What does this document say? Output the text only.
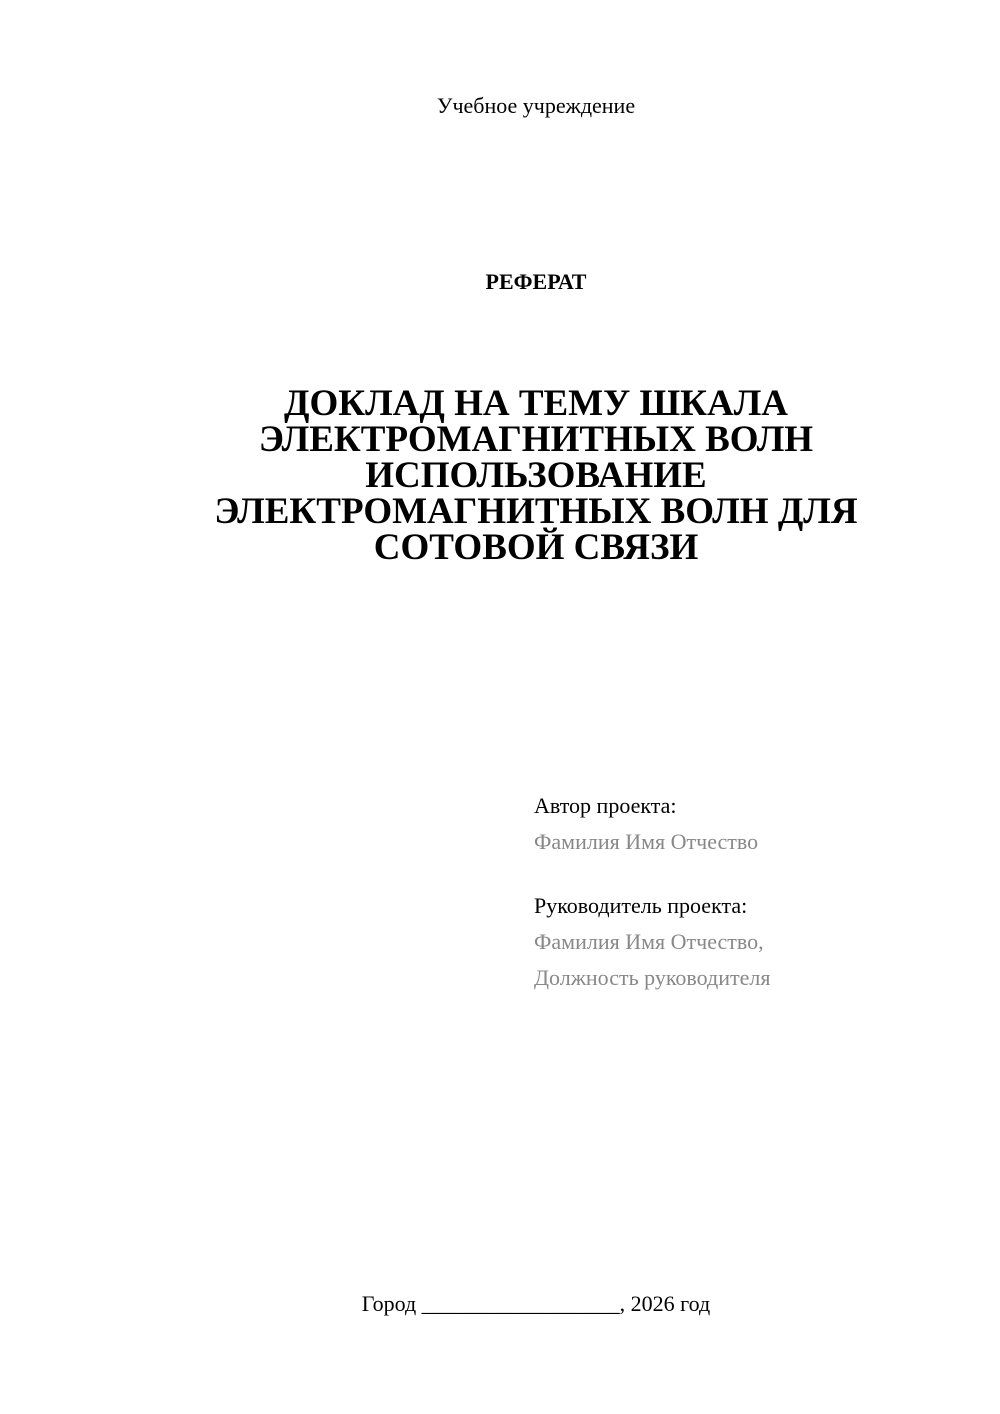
Учебное учреждение
РЕФЕРАТ
ДОКЛАД НА ТЕМУ ШКАЛА
ЭЛЕКТРОМАГНИТНЫХ ВОЛН
ИСПОЛЬЗОВАНИЕ
ЭЛЕКТРОМАГНИТНЫХ ВОЛН ДЛЯ
СОТОВОЙ СВЯЗИ
Автор проекта:
Фамилия Имя Отчество
Руководитель проекта:
Фамилия Имя Отчество,
Должность руководителя
Город __________________, 2026 год
